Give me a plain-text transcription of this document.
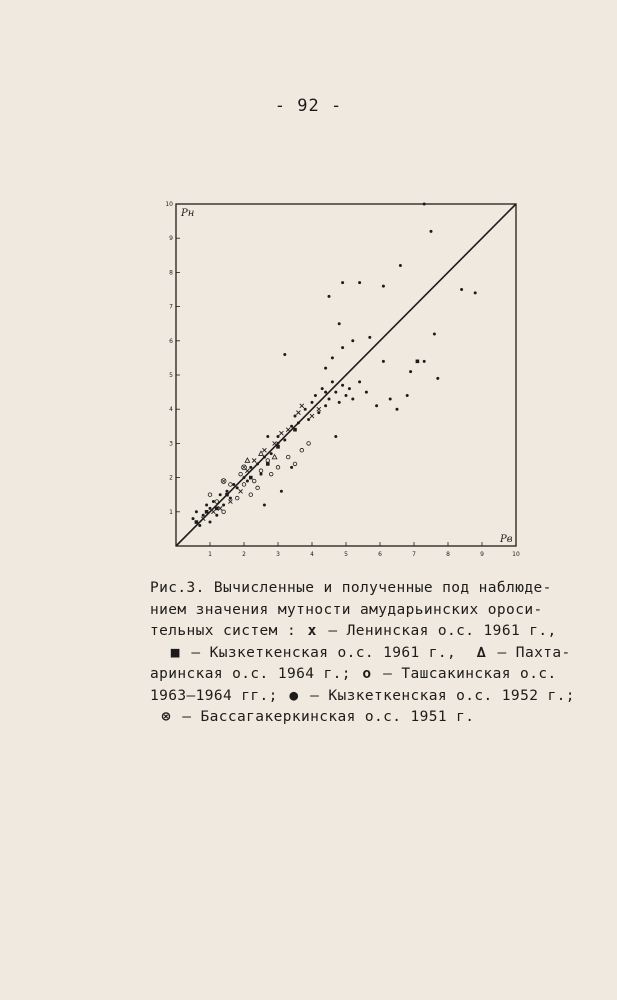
- 92 -
1	2	3	4	5	6	7	8	9	10
1
2
3
4
5
6
7
8
9
10
Pв
Pн
Рис.3. Вычисленные и полученные под наблюде-
нием значения мутности амударьинских ороси-
тельных систем : x – Ленинская о.с. 1961 г.,
■ – Кызкеткенская о.с. 1961 г.,  ∆ – Пахта-
аринская о.с. 1964 г.; о – Ташсакинская о.с.
1963–1964 гг.; ● – Кызкеткенская о.с. 1952 г.;
⊗ – Бассагакеркинская о.с. 1951 г.
